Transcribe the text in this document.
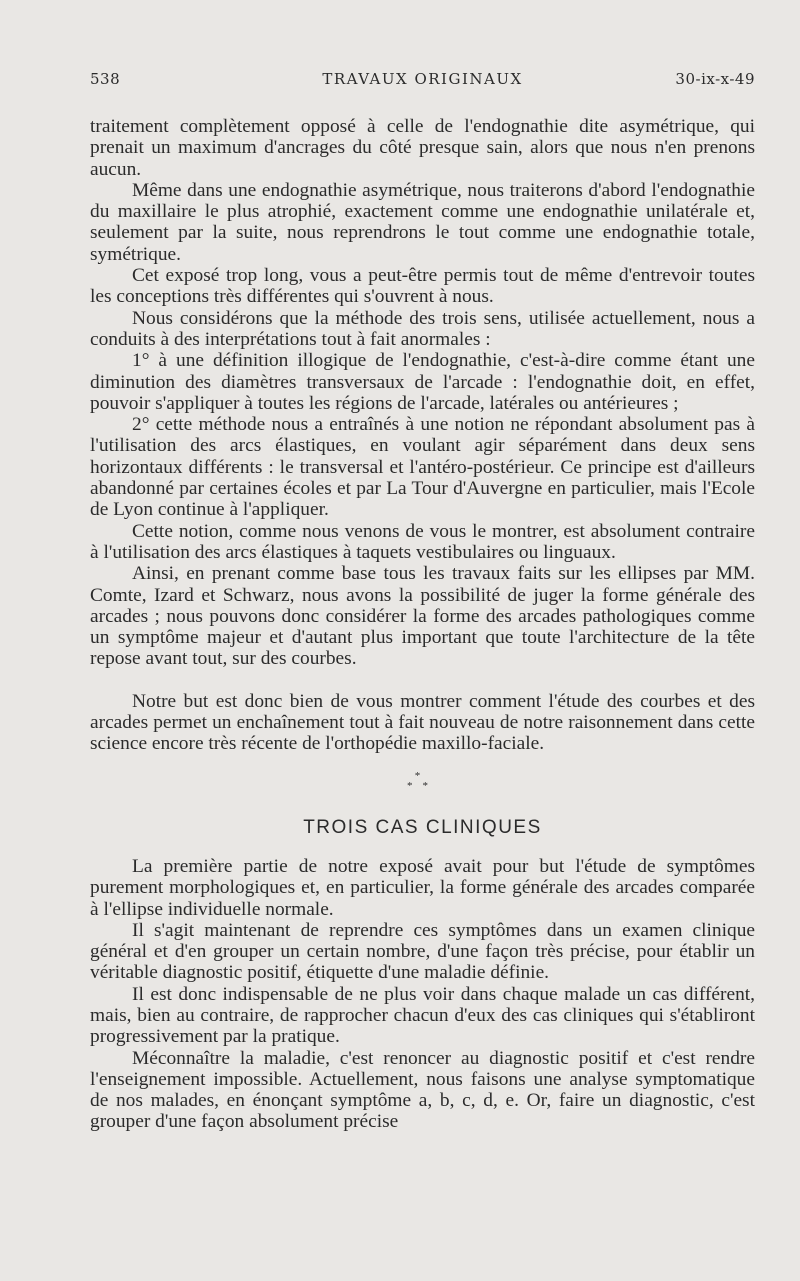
538	TRAVAUX ORIGINAUX	30-ix-x-49

traitement complètement opposé à celle de l'endognathie dite asymétrique, qui prenait un maximum d'ancrages du côté presque sain, alors que nous n'en prenons aucun.

Même dans une endognathie asymétrique, nous traiterons d'abord l'endognathie du maxillaire le plus atrophié, exactement comme une endognathie unilatérale et, seulement par la suite, nous reprendrons le tout comme une endognathie totale, symétrique.

Cet exposé trop long, vous a peut-être permis tout de même d'entrevoir toutes les conceptions très différentes qui s'ouvrent à nous.

Nous considérons que la méthode des trois sens, utilisée actuellement, nous a conduits à des interprétations tout à fait anormales :

1° à une définition illogique de l'endognathie, c'est-à-dire comme étant une diminution des diamètres transversaux de l'arcade : l'endognathie doit, en effet, pouvoir s'appliquer à toutes les régions de l'arcade, latérales ou antérieures ;

2° cette méthode nous a entraînés à une notion ne répondant absolument pas à l'utilisation des arcs élastiques, en voulant agir séparément dans deux sens horizontaux différents : le transversal et l'antéro-postérieur. Ce principe est d'ailleurs abandonné par certaines écoles et par La Tour d'Auvergne en particulier, mais l'Ecole de Lyon continue à l'appliquer.

Cette notion, comme nous venons de vous le montrer, est absolument contraire à l'utilisation des arcs élastiques à taquets vestibulaires ou linguaux.

Ainsi, en prenant comme base tous les travaux faits sur les ellipses par MM. Comte, Izard et Schwarz, nous avons la possibilité de juger la forme générale des arcades ; nous pouvons donc considérer la forme des arcades pathologiques comme un symptôme majeur et d'autant plus important que toute l'architecture de la tête repose avant tout, sur des courbes.

Notre but est donc bien de vous montrer comment l'étude des courbes et des arcades permet un enchaînement tout à fait nouveau de notre raisonnement dans cette science encore très récente de l'orthopédie maxillo-faciale.

*
**
TROIS CAS CLINIQUES

La première partie de notre exposé avait pour but l'étude de symptômes purement morphologiques et, en particulier, la forme générale des arcades comparée à l'ellipse individuelle normale.

Il s'agit maintenant de reprendre ces symptômes dans un examen clinique général et d'en grouper un certain nombre, d'une façon très précise, pour établir un véritable diagnostic positif, étiquette d'une maladie définie.

Il est donc indispensable de ne plus voir dans chaque malade un cas différent, mais, bien au contraire, de rapprocher chacun d'eux des cas cliniques qui s'établiront progressivement par la pratique.

Méconnaître la maladie, c'est renoncer au diagnostic positif et c'est rendre l'enseignement impossible. Actuellement, nous faisons une analyse symptomatique de nos malades, en énonçant symptôme a, b, c, d, e. Or, faire un diagnostic, c'est grouper d'une façon absolument précise
